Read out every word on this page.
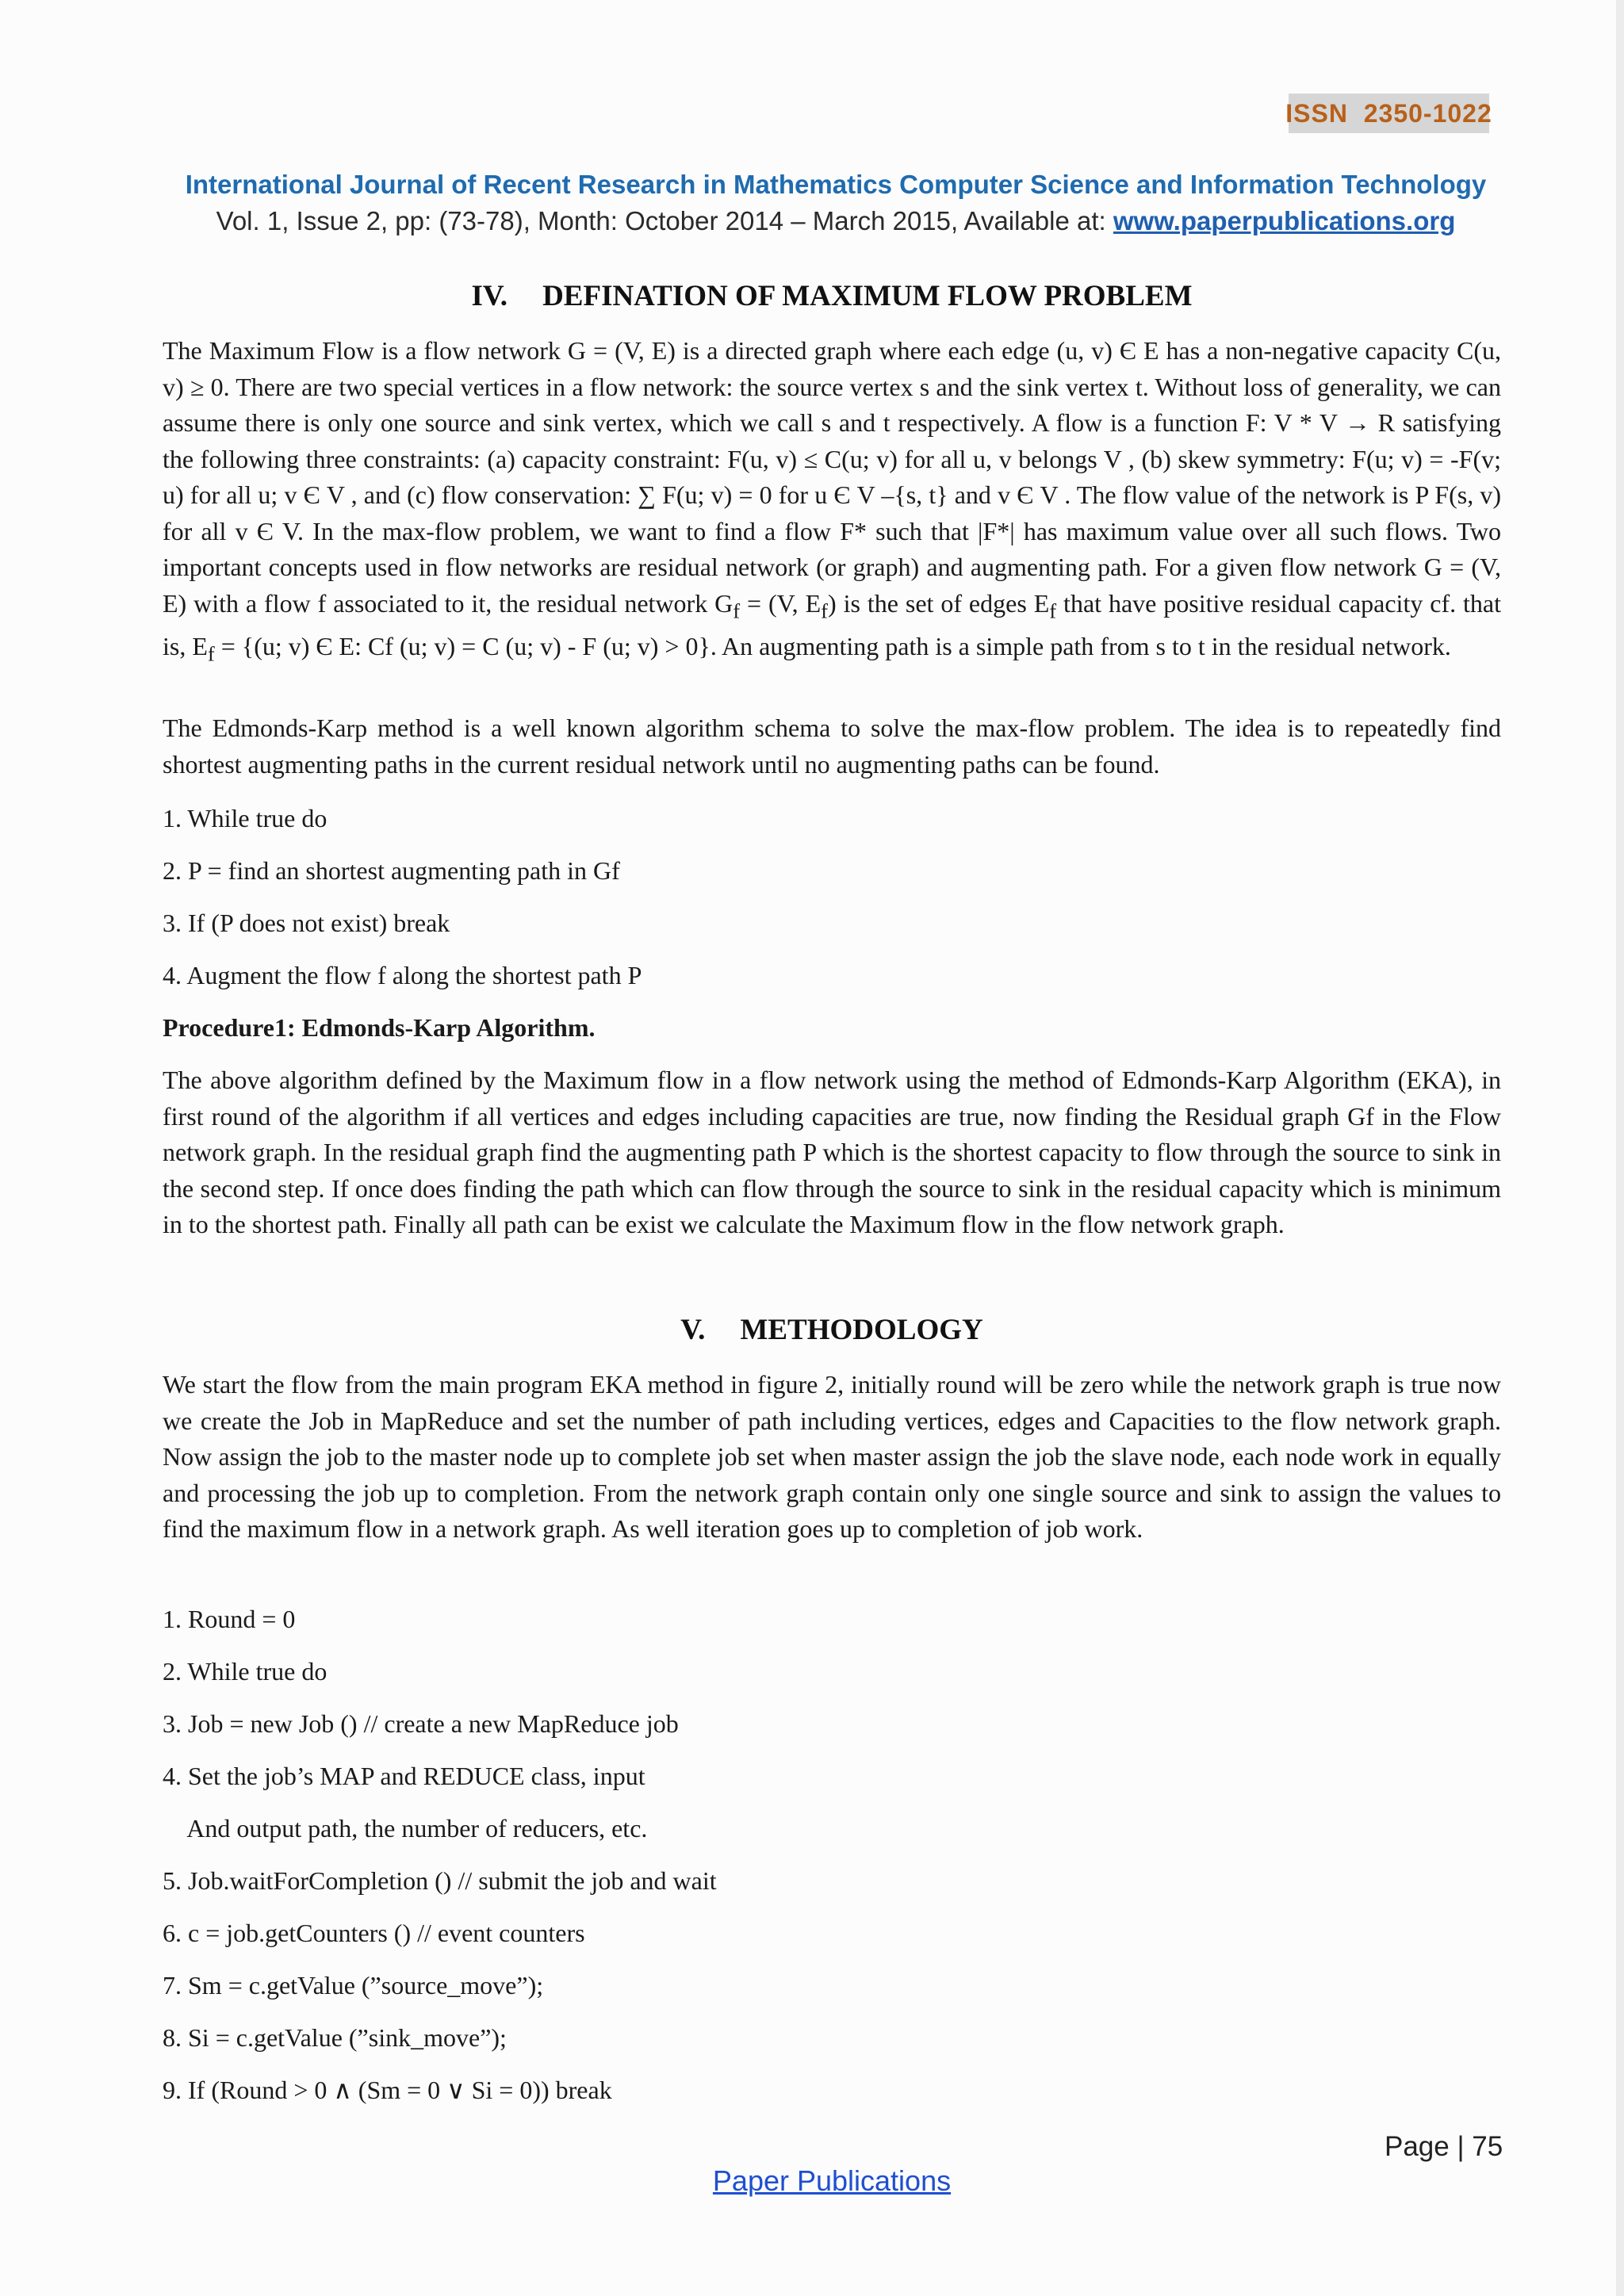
ISSN  2350-1022
International Journal of Recent Research in Mathematics Computer Science and Information Technology
Vol. 1, Issue 2, pp: (73-78), Month: October 2014 – March 2015, Available at: www.paperpublications.org
IV. DEFINATION OF MAXIMUM FLOW PROBLEM

The Maximum Flow is a flow network G = (V, E) is a directed graph where each edge (u, v) Є E has a non-negative capacity C(u, v) ≥ 0. There are two special vertices in a flow network: the source vertex s and the sink vertex t. Without loss of generality, we can assume there is only one source and sink vertex, which we call s and t respectively. A flow is a function F: V * V → R satisfying the following three constraints: (a) capacity constraint: F(u, v) ≤ C(u; v) for all u, v belongs V , (b) skew symmetry: F(u; v) = -F(v; u) for all u; v Є V , and (c) flow conservation: ∑ F(u; v) = 0 for u Є V –{s, t} and v Є V . The flow value of the network is P F(s, v) for all v Є V. In the max-flow problem, we want to find a flow F* such that |F*| has maximum value over all such flows. Two important concepts used in flow networks are residual network (or graph) and augmenting path. For a given flow network G = (V, E) with a flow f associated to it, the residual network $G_f = (V$, $E_f$) is the set of edges $E_f$ that have positive residual capacity cf. that is, $E_f = \{(u$; v) Є E: Cf (u; v) = C (u; v) - F (u; v) > 0}. An augmenting path is a simple path from s to t in the residual network.

The Edmonds-Karp method is a well known algorithm schema to solve the max-flow problem. The idea is to repeatedly find shortest augmenting paths in the current residual network until no augmenting paths can be found.

1. While true do
2. P = find an shortest augmenting path in Gf
3. If (P does not exist) break
4. Augment the flow f along the shortest path P
Procedure1: Edmonds-Karp Algorithm.

The above algorithm defined by the Maximum flow in a flow network using the method of Edmonds-Karp Algorithm (EKA), in first round of the algorithm if all vertices and edges including capacities are true, now finding the Residual graph Gf in the Flow network graph. In the residual graph find the augmenting path P which is the shortest capacity to flow through the source to sink in the second step. If once does finding the path which can flow through the source to sink in the residual capacity which is minimum in to the shortest path. Finally all path can be exist we calculate the Maximum flow in the flow network graph.

V. METHODOLOGY

We start the flow from the main program EKA method in figure 2, initially round will be zero while the network graph is true now we create the Job in MapReduce and set the number of path including vertices, edges and Capacities to the flow network graph. Now assign the job to the master node up to complete job set when master assign the job the slave node, each node work in equally and processing the job up to completion. From the network graph contain only one single source and sink to assign the values to find the maximum flow in a network graph. As well iteration goes up to completion of job work.

1. Round = 0
2. While true do
3. Job = new Job () // create a new MapReduce job
4. Set the job’s MAP and REDUCE class, input
And output path, the number of reducers, etc.
5. Job.waitForCompletion () // submit the job and wait
6. c = job.getCounters () // event counters
7. Sm = c.getValue (”source_move”);
8. Si = c.getValue (”sink_move”);
9. If (Round > 0 ∧ (Sm = 0 ∨ Si = 0)) break
Page | 75
Paper Publications
